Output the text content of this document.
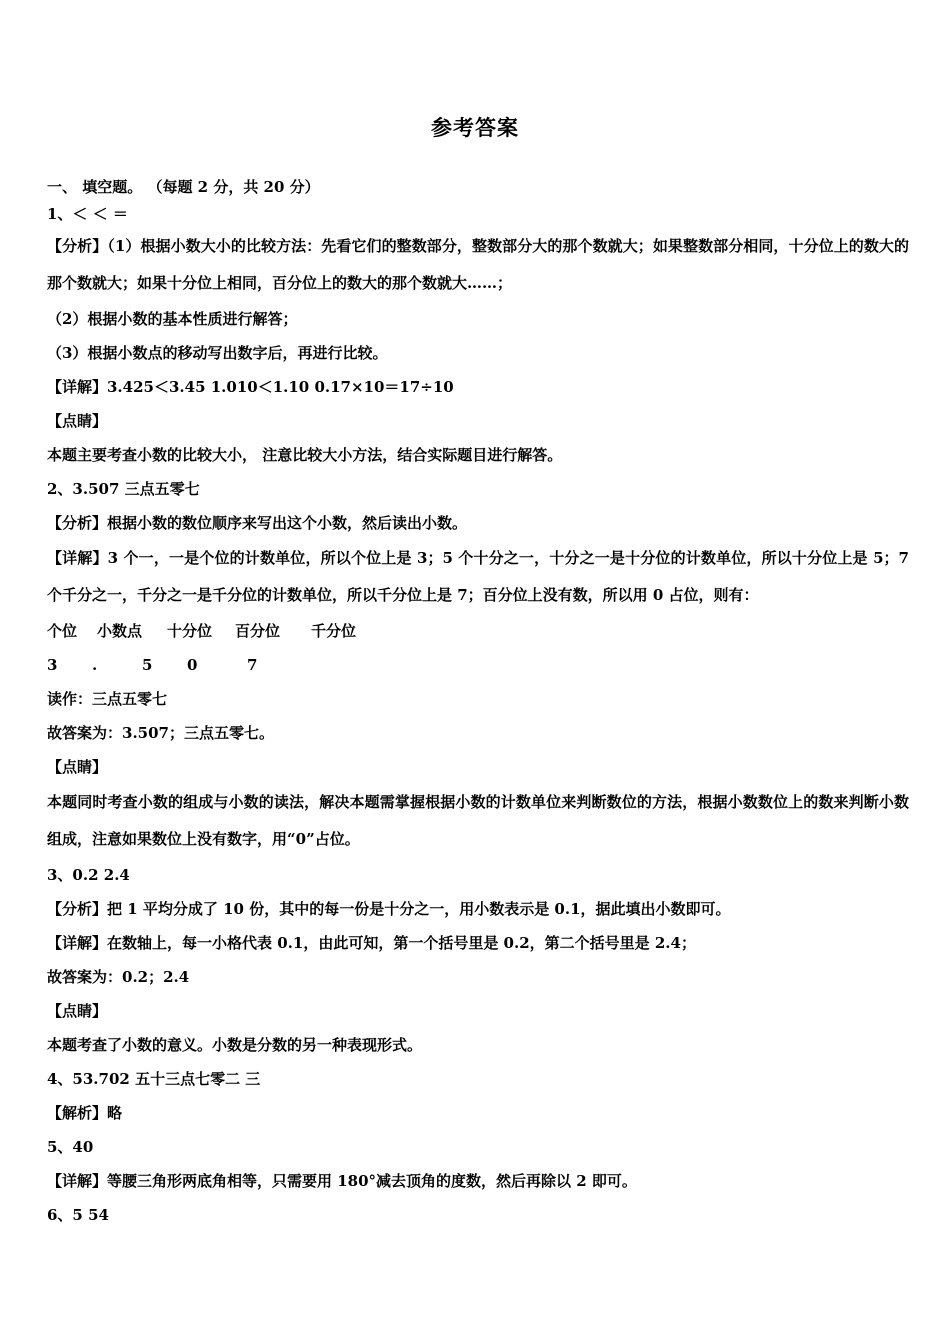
参考答案
一、 填空题。 （每题 2 分，共 20 分）
1、＜ ＜ ＝
【分析】（1）根据小数大小的比较方法：先看它们的整数部分，整数部分大的那个数就大；如果整数部分相同，十分位上的数大的那个数就大；如果十分位上相同，百分位上的数大的那个数就大……；
（2）根据小数的基本性质进行解答；
（3）根据小数点的移动写出数字后，再进行比较。
【详解】3.425＜3.45 1.010＜1.10 0.17×10＝17÷10
【点睛】
本题主要考查小数的比较大小， 注意比较大小方法，结合实际题目进行解答。
2、3.507 三点五零七
【分析】根据小数的数位顺序来写出这个小数，然后读出小数。
【详解】3 个一，一是个位的计数单位，所以个位上是 3；5 个十分之一，十分之一是十分位的计数单位，所以十分位上是 5；7 个千分之一，千分之一是千分位的计数单位，所以千分位上是 7；百分位上没有数，所以用 0 占位，则有：
个位 小数点 十分位 百分位 千分位
3 .	5 0	7
读作：三点五零七
故答案为：3.507；三点五零七。
【点睛】
本题同时考查小数的组成与小数的读法，解决本题需掌握根据小数的计数单位来判断数位的方法，根据小数数位上的数来判断小数组成，注意如果数位上没有数字，用“0”占位。
3、0.2 2.4
【分析】把 1 平均分成了 10 份，其中的每一份是十分之一，用小数表示是 0.1，据此填出小数即可。
【详解】在数轴上，每一小格代表 0.1，由此可知，第一个括号里是 0.2，第二个括号里是 2.4；
故答案为：0.2；2.4
【点睛】
本题考查了小数的意义。小数是分数的另一种表现形式。
4、53.702 五十三点七零二 三
【解析】略
5、40
【详解】等腰三角形两底角相等，只需要用 180°减去顶角的度数，然后再除以 2 即可。
6、5 54
